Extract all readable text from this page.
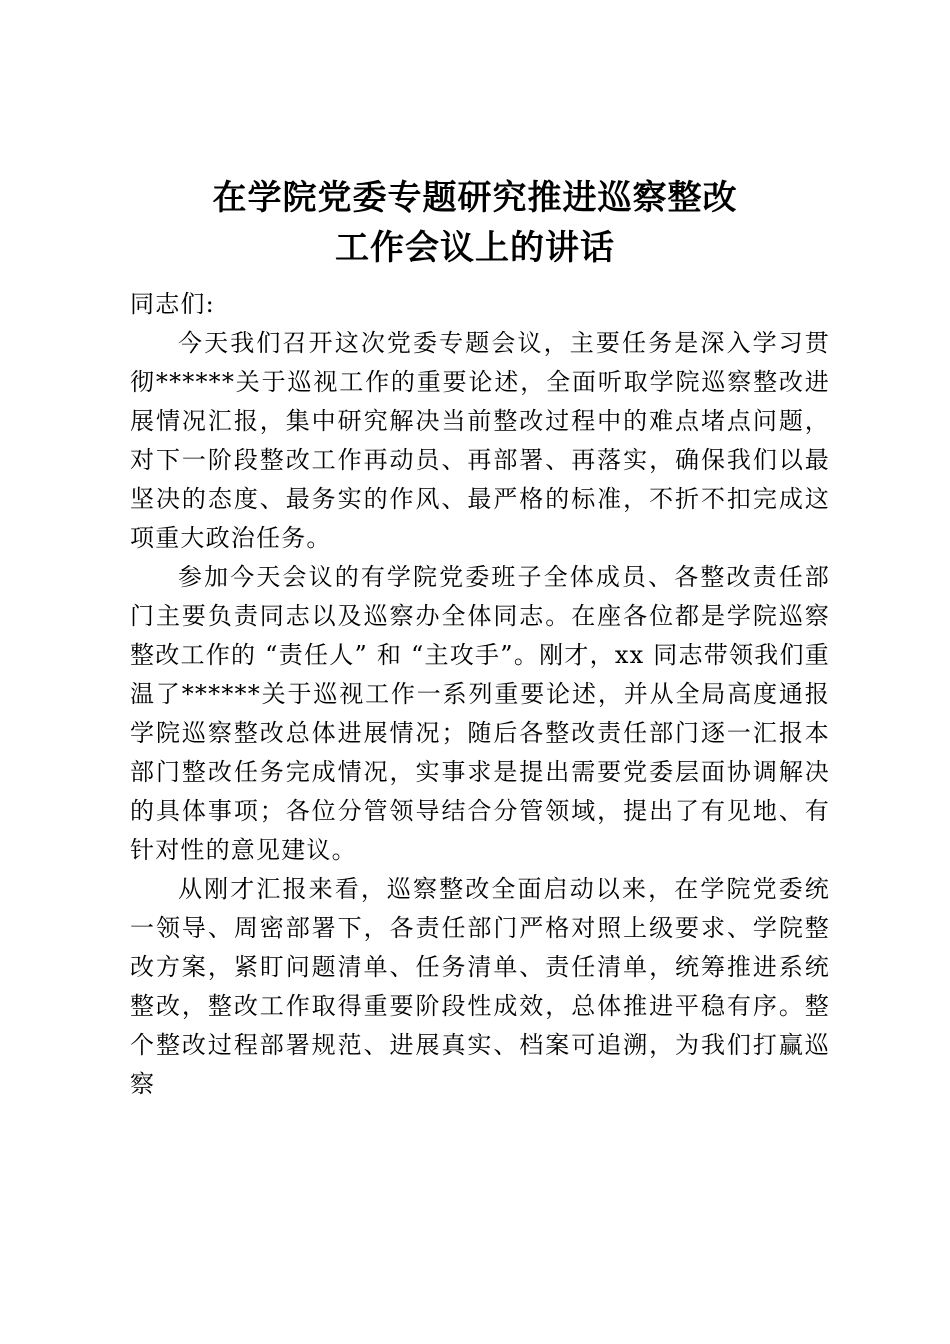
在学院党委专题研究推进巡察整改
工作会议上的讲话

同志们:

今天我们召开这次党委专题会议，主要任务是深入学习贯彻******关于巡视工作的重要论述，全面听取学院巡察整改进展情况汇报，集中研究解决当前整改过程中的难点堵点问题，对下一阶段整改工作再动员、再部署、再落实，确保我们以最坚决的态度、最务实的作风、最严格的标准，不折不扣完成这项重大政治任务。

参加今天会议的有学院党委班子全体成员、各整改责任部门主要负责同志以及巡察办全体同志。在座各位都是学院巡察整改工作的 “责任人” 和 “主攻手”。刚才，xx 同志带领我们重温了******关于巡视工作一系列重要论述，并从全局高度通报学院巡察整改总体进展情况；随后各整改责任部门逐一汇报本部门整改任务完成情况，实事求是提出需要党委层面协调解决的具体事项；各位分管领导结合分管领域，提出了有见地、有针对性的意见建议。

从刚才汇报来看，巡察整改全面启动以来，在学院党委统一领导、周密部署下，各责任部门严格对照上级要求、学院整改方案，紧盯问题清单、任务清单、责任清单，统筹推进系统整改，整改工作取得重要阶段性成效，总体推进平稳有序。整个整改过程部署规范、进展真实、档案可追溯，为我们打赢巡察
